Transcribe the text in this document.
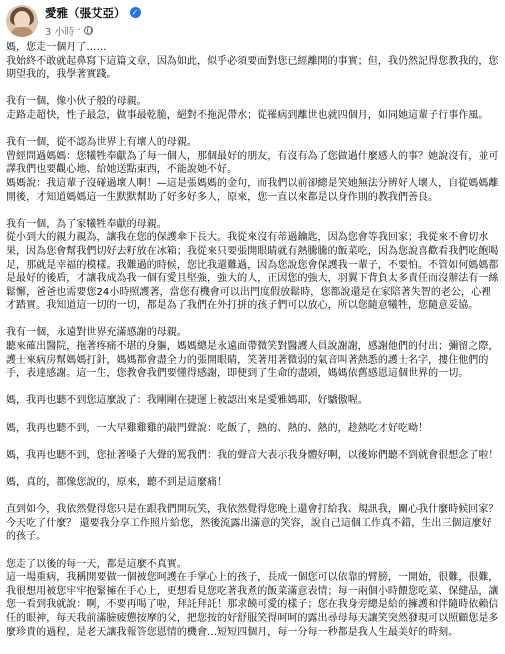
愛雅（張艾亞） ✓
3 小時 ·

媽，您走一個月了……

我始終不敢就起鼻寫下這篇文章，因為如此，似乎必須要面對您已經離開的事實；但，我仍然記得您教我的，您期望我的，我學著實踐。

我有一個，像小伙子般的母親。

走路走超快，性子最急，做事最乾脆，絕對不拖泥帶水；從罹病到離世也就四個月，如同她這輩子行事作風。

我有一個，從不認為世界上有壞人的母親。

曾經問過媽媽：您犧牲奉獻為了每一個人，那個最好的朋友，有沒有為了您做過什麼感人的事？她說沒有，並可譯我們也要觀心地、給她送點東西，不能說她不好。

媽媽說：我這輩子沒碰過壞人啊！—這是張媽媽的金句，而我們以前卻總是笑她無法分辨好人壞人，自從媽媽離開後，才知道媽媽這一生默默幫助了好多好多人，原來，您一直以來都是以身作則的教我們善良。

我有一個，為了家犧牲奉獻的母親。

從小到大的親力親為，讓我在您的保護傘下長大。我從來沒有蒂過鑰匙，因為您會等我回家；我從來不會切水果，因為您會幫我們切好去籽放在冰箱；我從來只要張開眼睛就有熱騰騰的飯菜吃，因為您說喜歡看我們吃飽喝足，那就是幸福的模樣。我難過的時候，您比我還難過，因為您說您會保護我一輩子，不要怕。不管如何媽媽都是最好的後盾，才讓我成為我一個有愛且堅強，強大的人，正因您的強大，羽翼下背負太多責任而沒辦法有一絲鬆懈，爸爸也需要您24小時照護著，當您有機會可以出門度假放鬆時，您都說還是在家陪著失智的老公，心裡才踏實。我知道這一切的一切，都是為了我們在外打拼的孩子們可以放心，所以您隨意犧牲，您隨意妥協。

我有一個，永遠對世界充滿感謝的母親。

聽來確出醫院，拖著疼痛不堪的身軀，媽媽總是永遠面帶微笑對醫護人員說謝謝，感謝他們的付出；彌留之際，護士來病房幫媽媽打針，媽媽都會盡全力的張開眼睛，笑著用著微弱的氣音叫著熱悉的護士名字，摟住他們的手，表達感謝。這一生，您教會我們要懂得感謝，即便到了生命的盡頭，媽媽依舊感恩這個世界的一切。

媽，我再也聽不到您這麼說了：我剛剛在捷運上被認出來是愛雅媽耶，好驕傲喔。

媽，我再也聽不到，一大早雞雞雞的敲門聲說：吃飯了，熱的、熱的、熱的，趁熱吃才好吃呦！

媽，我再也聽不到，您扯著嗓子大聲的罵我們：我的聲音大表示我身體好啊，以後妳們聽不到就會很想念了啦！

媽，真的，都像您說的，原來，聽不到是這麼痛！

直到如今，我依然覺得您只是在跟我們開玩笑，我依然覺得您晚上還會打給我、規訊我，關心我什麼時候回家？今天吃了什麼？ 還要我分享工作照片給您，然後流露出滿意的笑容，說自己這個工作真不錯，生出三個這麼好的孩子。

您走了以後的每一天，都是這麼不真實。

這一場重病，我稱開要做一個被您呵護在手掌心上的孩子，長成一個您可以依靠的臂膀，一開始，很難，很難，我很想用被您牢牢抱緊擁在手心上，更想看見您吃著我煮的飯菜滿意表情；每一兩個小時餵您吃菜、保健品，讓您一看到我就說：啊，不要再喝了啦，拜託拜託！那求饒可愛的樣子；您在我身旁總是給的擁護和伴隨時依賴信任的眼神，每天我前滿臉疲憊按摩的父，把您按的好舒服笑得呵呵的露出尋母每天讓笑突然發現可以照顧您是多麼珍貴的過程，是老天讓我報答您恩情的機會…短短四個月，每一分每一秒都是我人生最美好的時刻。
